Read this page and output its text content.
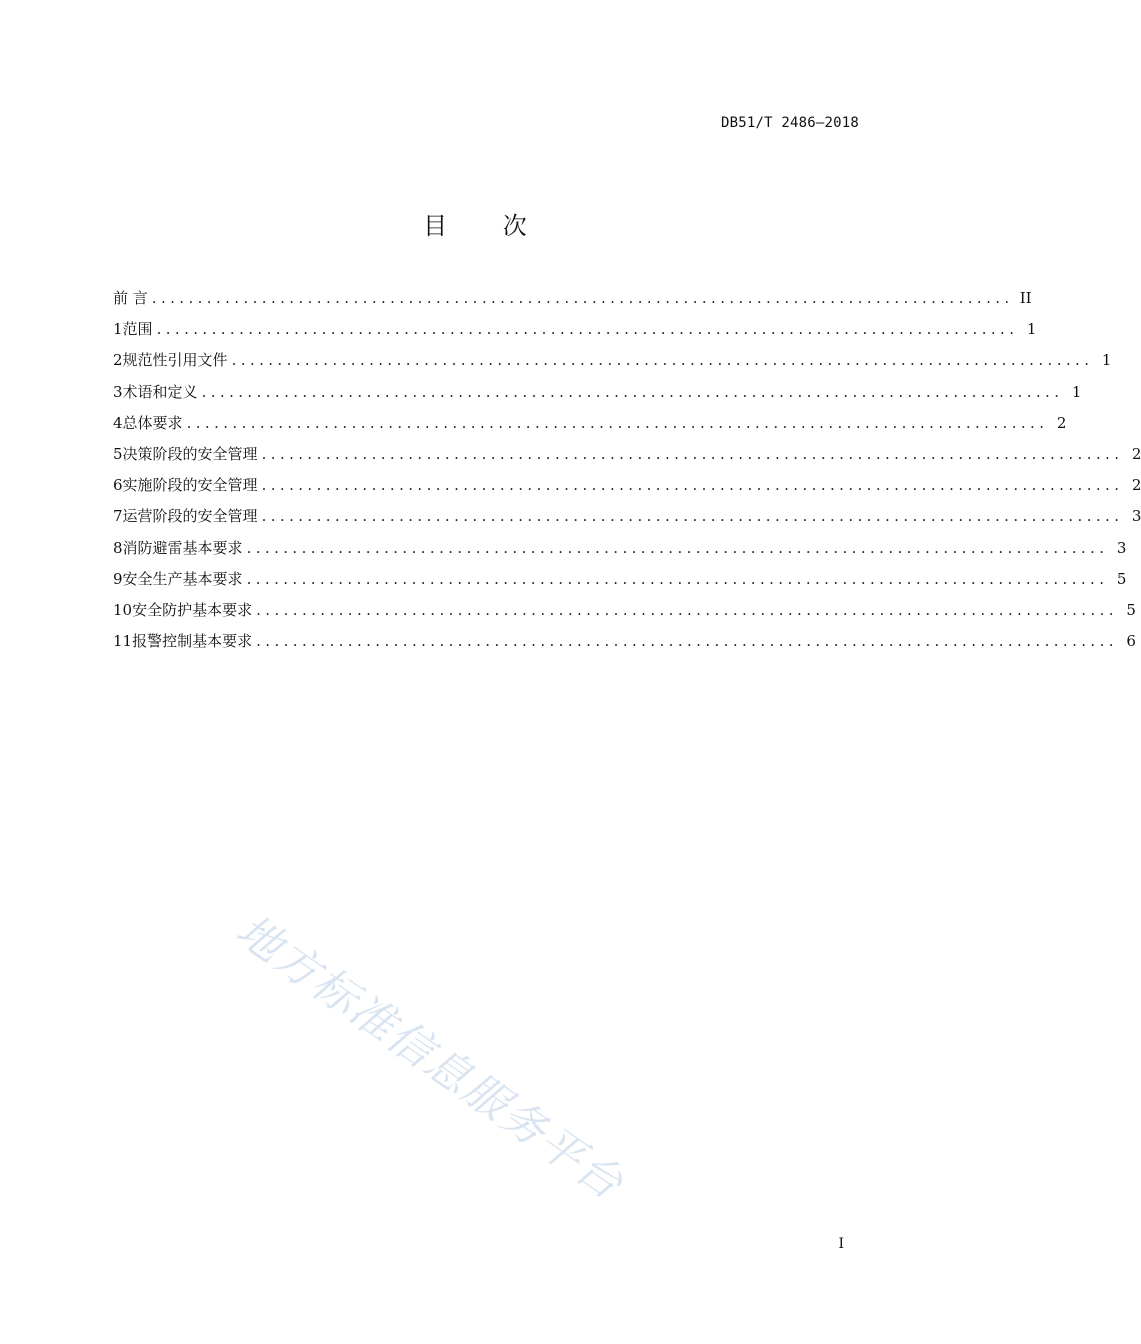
DB51/T 2486—2018
目 次
前 言 .............................................................................................. II
1 范围 .............................................................................................. 1
2 规范性引用文件 .............................................................................................. 1
3 术语和定义 .............................................................................................. 1
4 总体要求 .............................................................................................. 2
5 决策阶段的安全管理 .............................................................................................. 2
6 实施阶段的安全管理 .............................................................................................. 2
7 运营阶段的安全管理 .............................................................................................. 3
8 消防避雷基本要求 .............................................................................................. 3
9 安全生产基本要求 .............................................................................................. 5
10 安全防护基本要求 .............................................................................................. 5
11 报警控制基本要求 .............................................................................................. 6
地方标准信息服务平台
I
